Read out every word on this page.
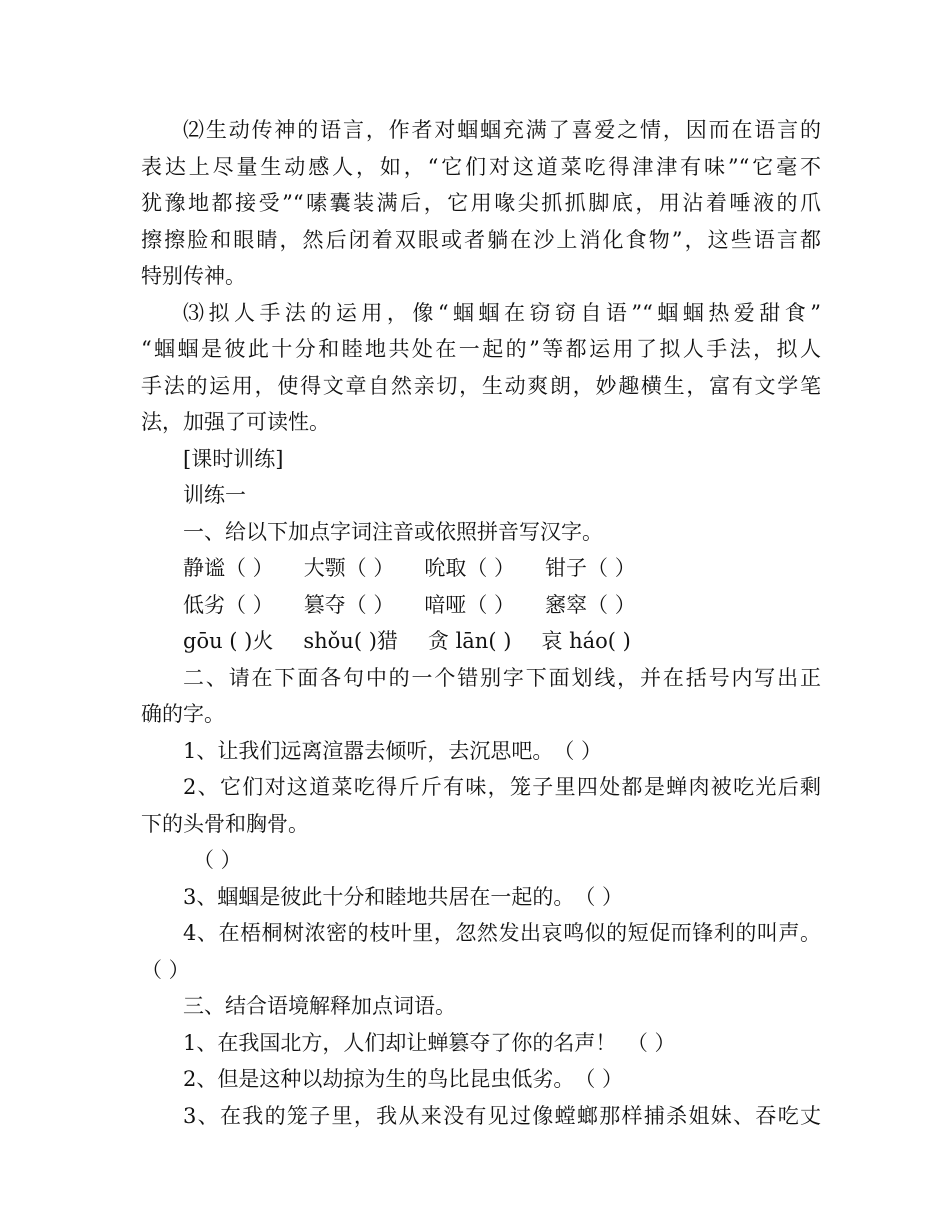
⑵生动传神的语言，作者对蝈蝈充满了喜爱之情，因而在语言的
表达上尽量生动感人，如，“它们对这道菜吃得津津有味”“它毫不
犹豫地都接受”“嗉囊装满后，它用喙尖抓抓脚底，用沾着唾液的爪
擦擦脸和眼睛，然后闭着双眼或者躺在沙上消化食物”，这些语言都
特别传神。
⑶拟人手法的运用，像“蝈蝈在窃窃自语”“蝈蝈热爱甜食”
“蝈蝈是彼此十分和睦地共处在一起的”等都运用了拟人手法，拟人
手法的运用，使得文章自然亲切，生动爽朗，妙趣横生，富有文学笔
法，加强了可读性。
[课时训练]
训练一
一、给以下加点字词注音或依照拼音写汉字。
静谧（ ） 大颚（ ） 吮取（ ） 钳子（ ）
低劣（ ） 篡夺（ ） 喑哑（ ） 窸窣（ ）
gōu ( )火 shǒu( )猎 贪 lān( ) 哀 háo( )
二、请在下面各句中的一个错别字下面划线，并在括号内写出正
确的字。
1、让我们远离渲嚣去倾听，去沉思吧。　（ ）
2、它们对这道菜吃得斤斤有味，笼子里四处都是蝉肉被吃光后剩
下的头骨和胸骨。
（ ）
3、蝈蝈是彼此十分和睦地共居在一起的。　（ ）
4、在梧桐树浓密的枝叶里，忽然发出哀鸣似的短促而锋利的叫声。
（ ）
三、结合语境解释加点词语。
1、在我国北方，人们却让蝉篡夺了你的名声！　（ ）
2、但是这种以劫掠为生的鸟比昆虫低劣。　（ ）
3、在我的笼子里，我从来没有见过像螳螂那样捕杀姐妹、吞吃丈
